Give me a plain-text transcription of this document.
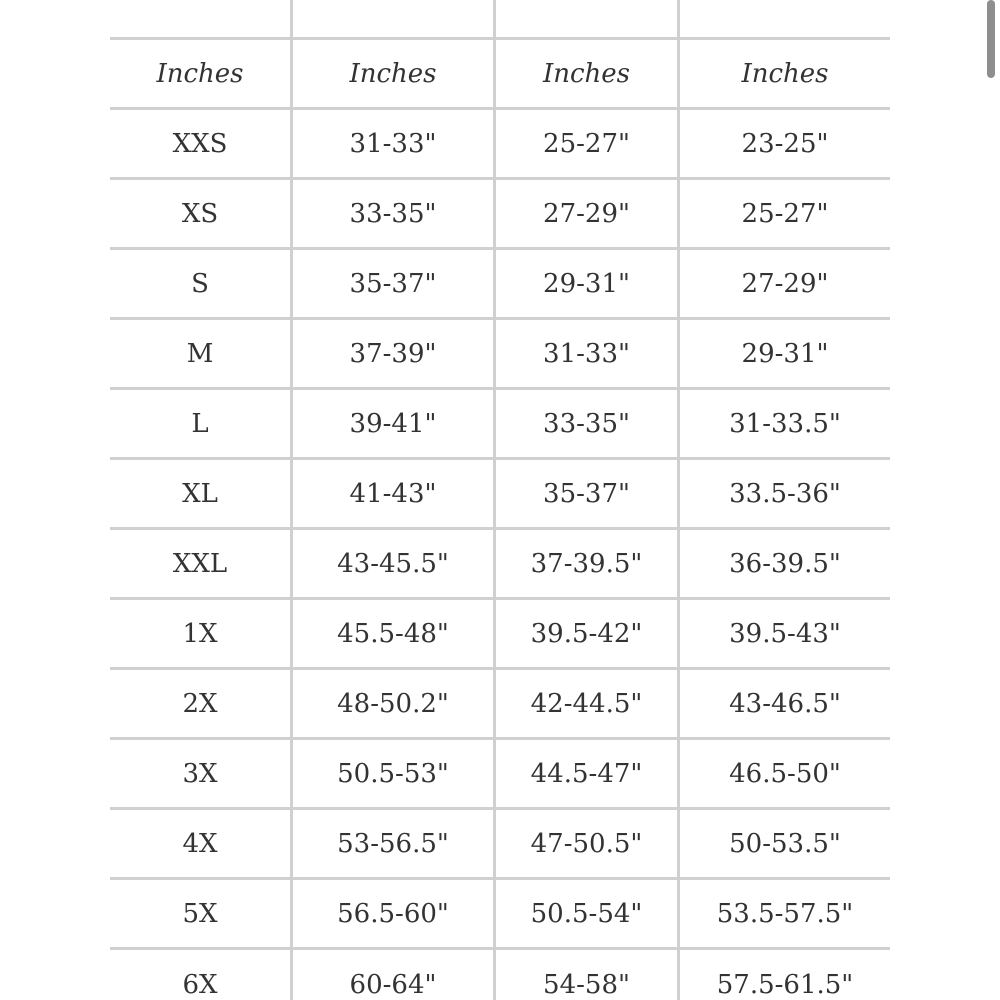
Inches	Inches	Inches	Inches
XXS	31-33"	25-27"	23-25"
XS	33-35"	27-29"	25-27"
S	35-37"	29-31"	27-29"
M	37-39"	31-33"	29-31"
L	39-41"	33-35"	31-33.5"
XL	41-43"	35-37"	33.5-36"
XXL	43-45.5"	37-39.5"	36-39.5"
1X	45.5-48"	39.5-42"	39.5-43"
2X	48-50.2"	42-44.5"	43-46.5"
3X	50.5-53"	44.5-47"	46.5-50"
4X	53-56.5"	47-50.5"	50-53.5"
5X	56.5-60"	50.5-54"	53.5-57.5"
6X	60-64"	54-58"	57.5-61.5"
